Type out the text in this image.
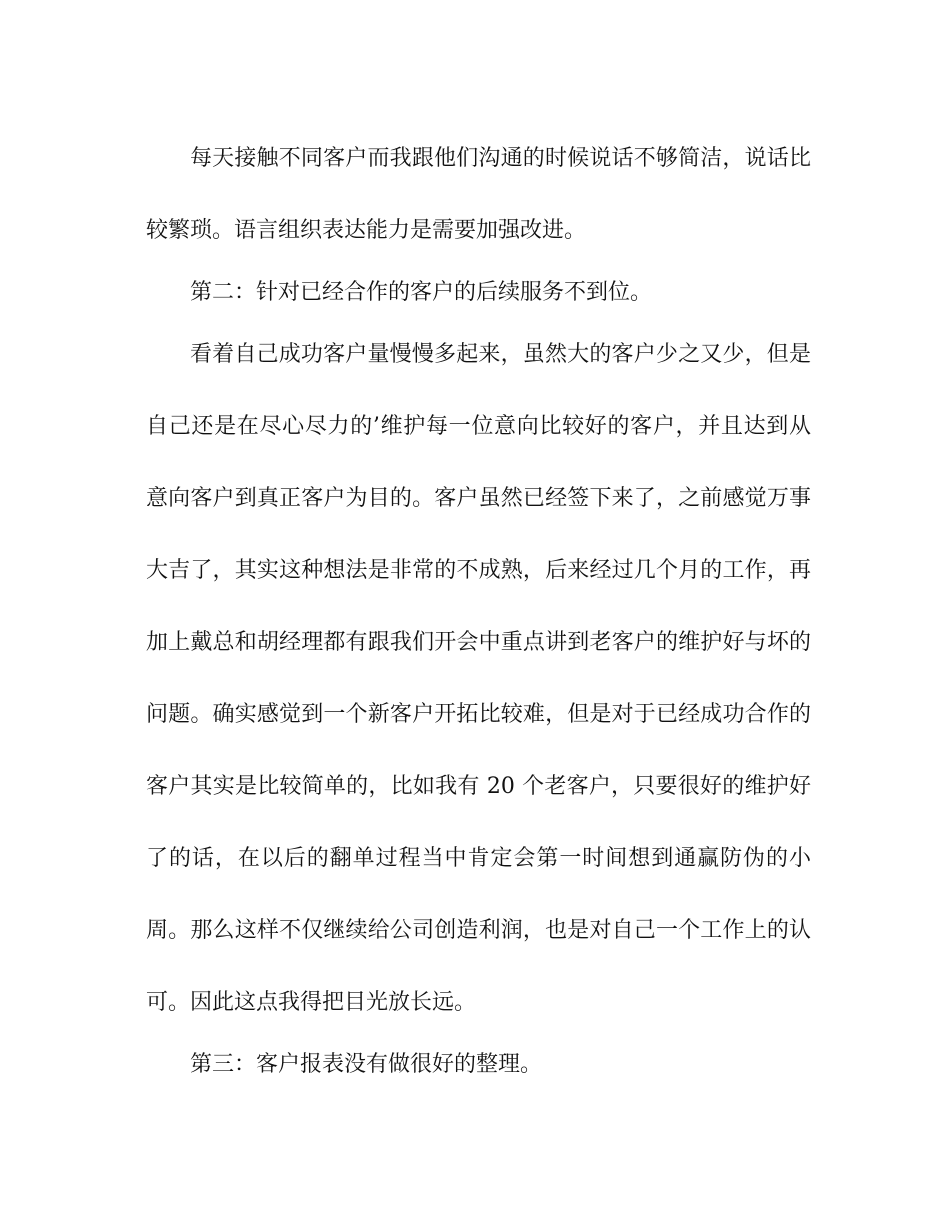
每天接触不同客户而我跟他们沟通的时候说话不够简洁，说话比较繁琐。语言组织表达能力是需要加强改进。

第二：针对已经合作的客户的后续服务不到位。

看着自己成功客户量慢慢多起来，虽然大的客户少之又少，但是自己还是在尽心尽力的’维护每一位意向比较好的客户，并且达到从意向客户到真正客户为目的。客户虽然已经签下来了，之前感觉万事大吉了，其实这种想法是非常的不成熟，后来经过几个月的工作，再加上戴总和胡经理都有跟我们开会中重点讲到老客户的维护好与坏的问题。确实感觉到一个新客户开拓比较难，但是对于已经成功合作的客户其实是比较简单的，比如我有 20 个老客户，只要很好的维护好了的话，在以后的翻单过程当中肯定会第一时间想到通赢防伪的小周。那么这样不仅继续给公司创造利润，也是对自己一个工作上的认可。因此这点我得把目光放长远。

第三：客户报表没有做很好的整理。
